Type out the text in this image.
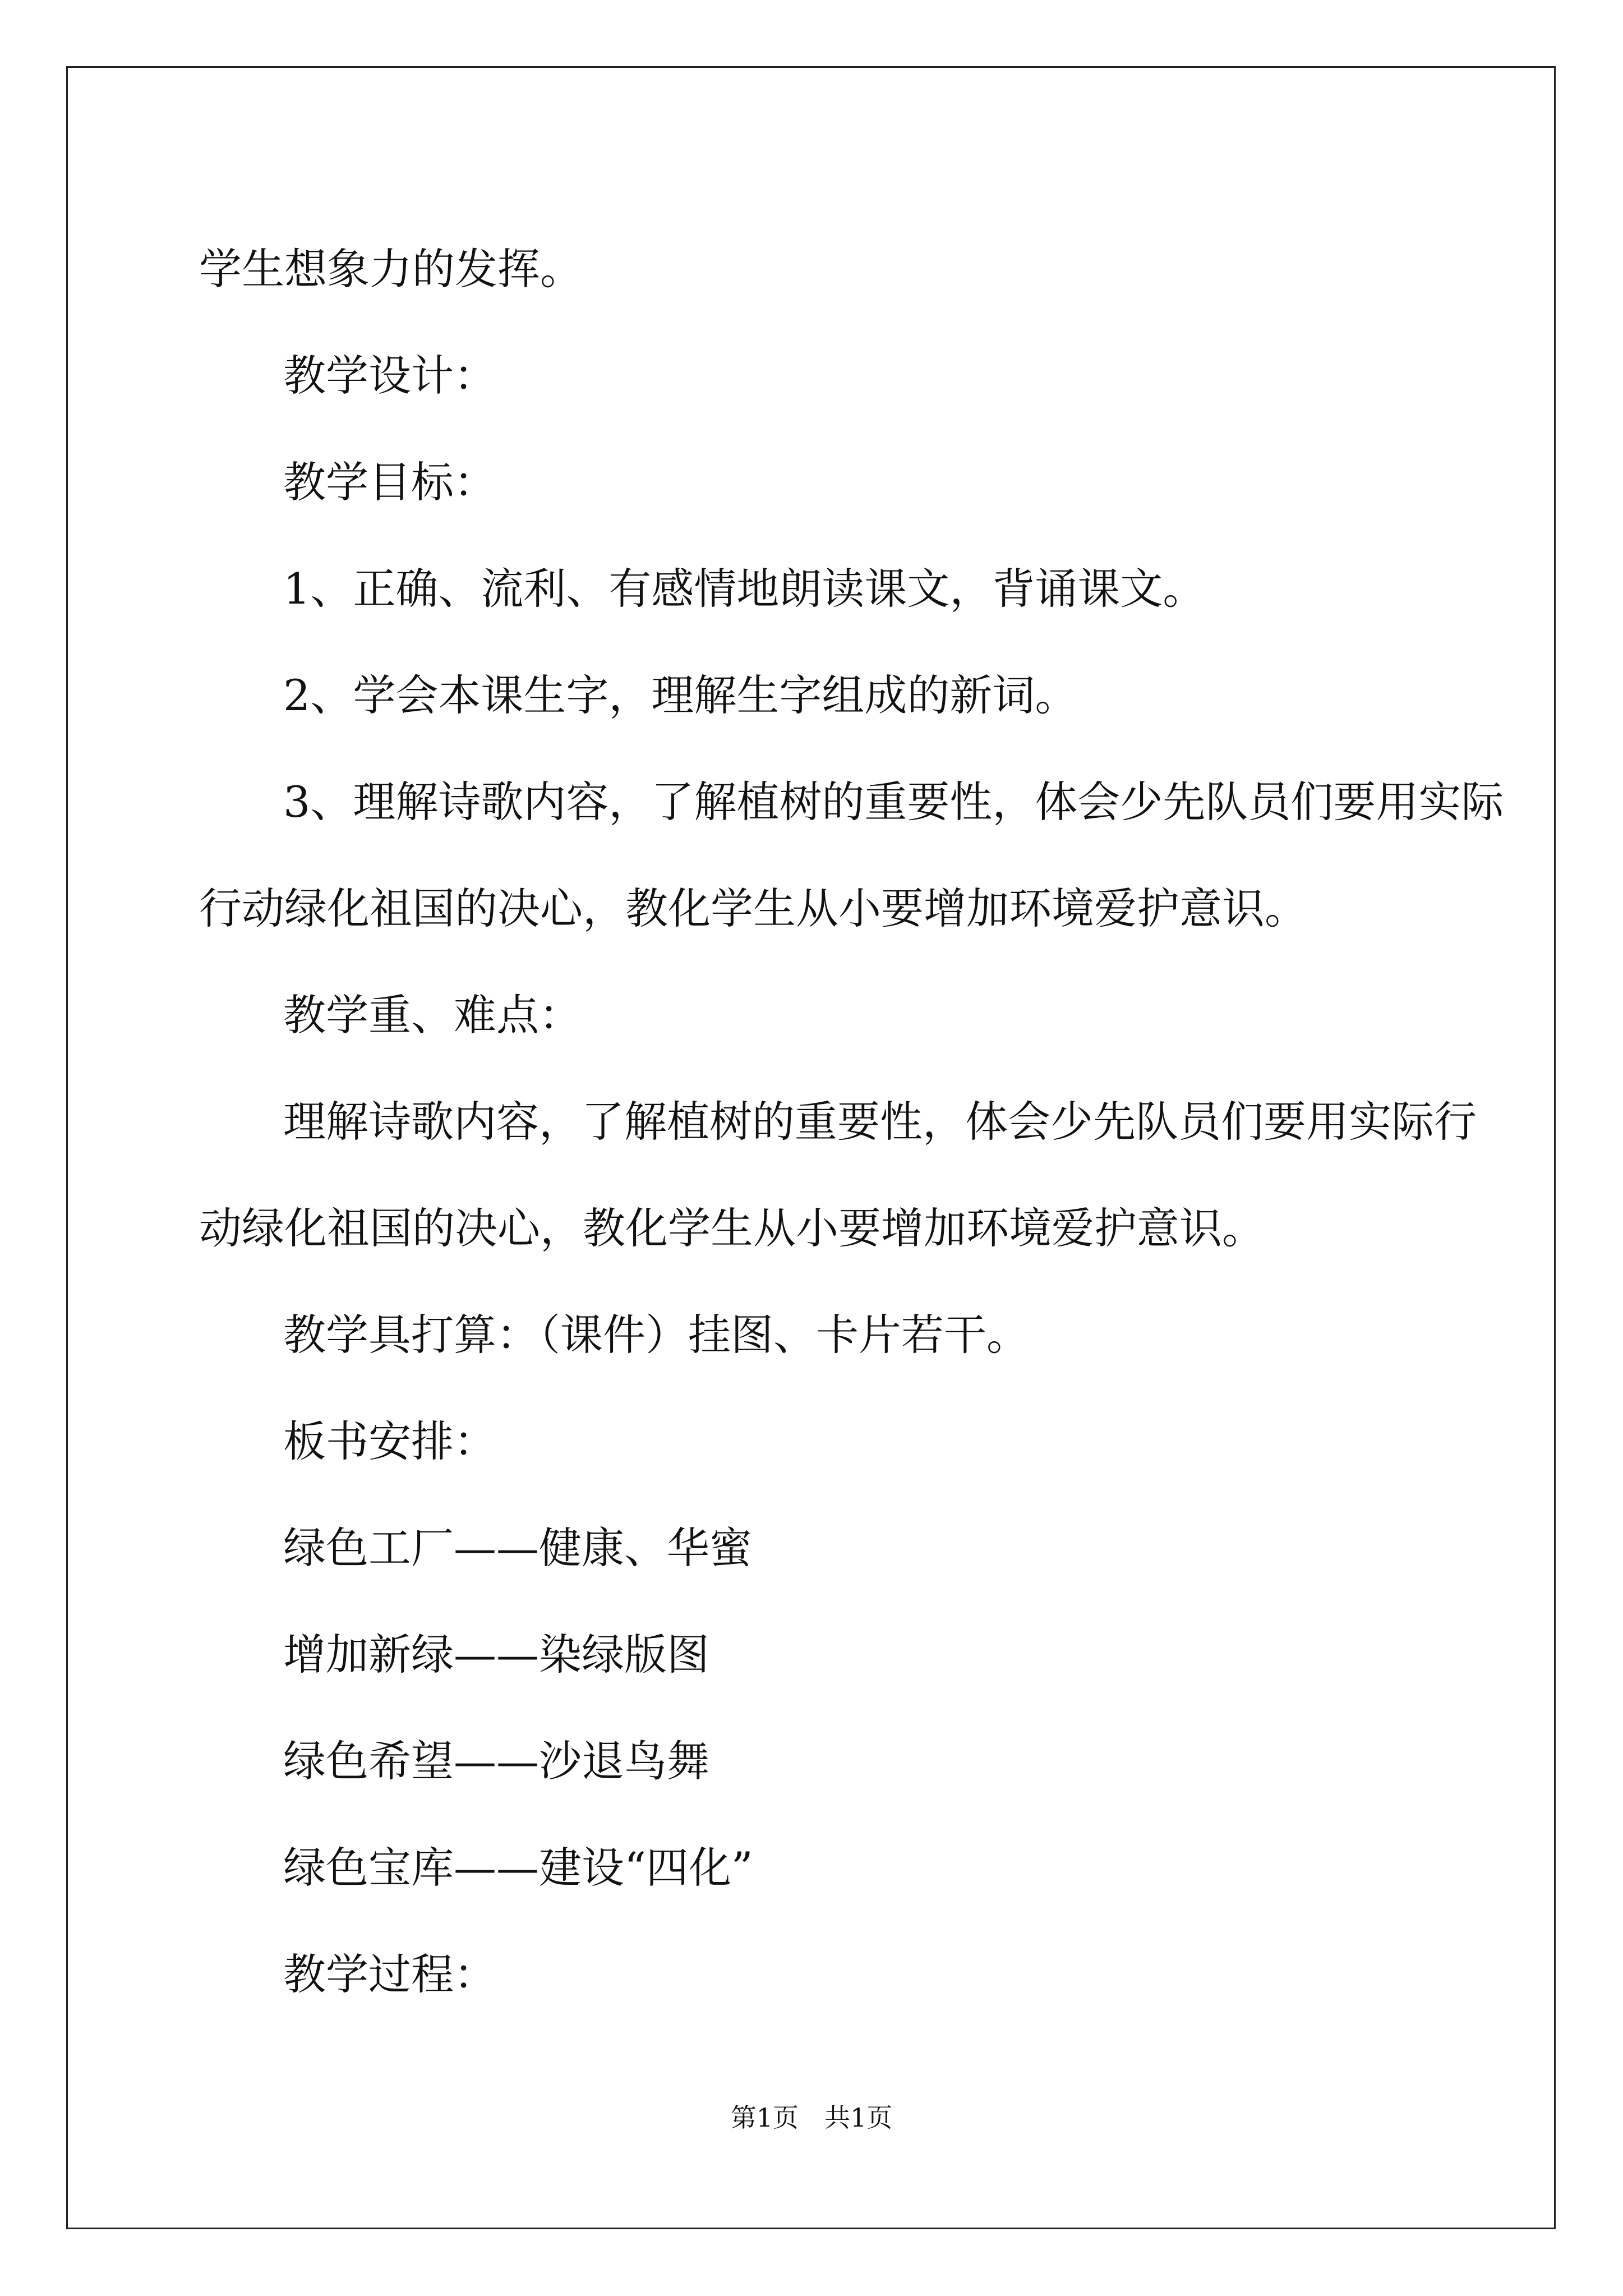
学生想象力的发挥。

教学设计：

教学目标：

1、正确、流利、有感情地朗读课文，背诵课文。

2、学会本课生字，理解生字组成的新词。

3、理解诗歌内容，了解植树的重要性，体会少先队员们要用实际

行动绿化祖国的决心，教化学生从小要增加环境爱护意识。

教学重、难点：

理解诗歌内容，了解植树的重要性，体会少先队员们要用实际行

动绿化祖国的决心，教化学生从小要增加环境爱护意识。

教学具打算：（课件）挂图、卡片若干。

板书安排：

绿色工厂——健康、华蜜

增加新绿——染绿版图

绿色希望——沙退鸟舞

绿色宝库——建设“四化”

教学过程：

第1页　共1页
